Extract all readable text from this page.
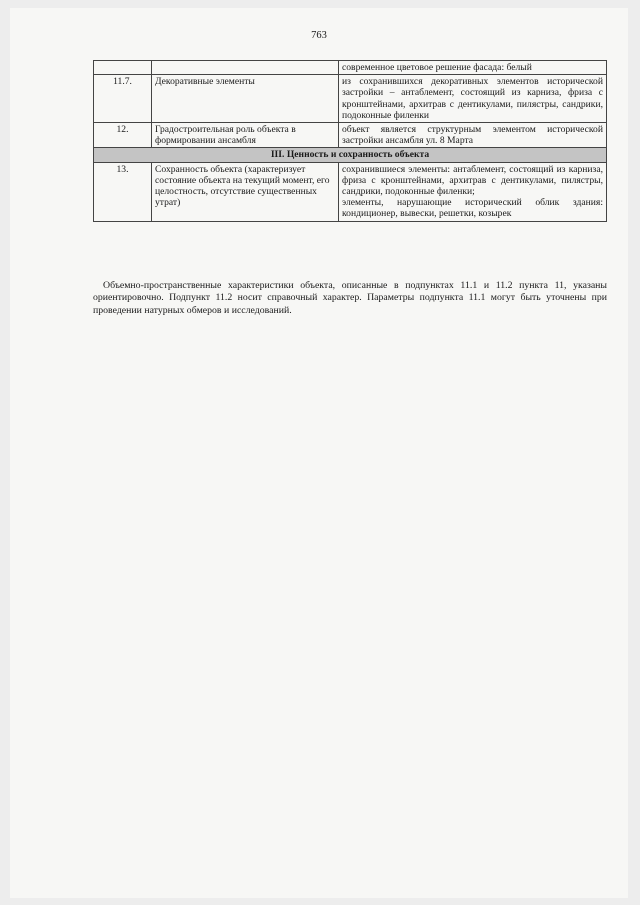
763
		современное цветовое решение фасада: белый
11.7.	Декоративные элементы	из сохранившихся декоративных элементов исторической застройки – антаблемент, состоящий из карниза, фриза с кронштейнами, архитрав с дентикулами, пилястры, сандрики, подоконные филенки
12.	Градостроительная роль объекта в формировании ансамбля	объект является структурным элементом исторической застройки ансамбля ул. 8 Марта
III. Ценность и сохранность объекта		
13.	Сохранность объекта (характеризует состояние объекта на текущий момент, его целостность, отсутствие существенных утрат)	сохранившиеся элементы: антаблемент, состоящий из карниза, фриза с кронштейнами, архитрав с дентикулами, пилястры, сандрики, подоконные филенки;
элементы, нарушающие исторический облик здания: кондиционер, вывески, решетки, козырек

Объемно-пространственные характеристики объекта, описанные в подпунктах 11.1 и 11.2 пункта 11, указаны ориентировочно. Подпункт 11.2 носит справочный характер. Параметры подпункта 11.1 могут быть уточнены при проведении натурных обмеров и исследований.
